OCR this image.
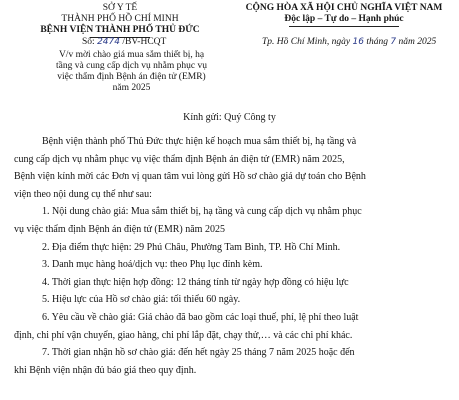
SỞ Y TẾ
THÀNH PHỐ HỒ CHÍ MINH
BỆNH VIỆN THÀNH PHỐ THỦ ĐỨC
Số: 2474 /BV-HCQT
V/v mời chào giá mua sắm thiết bị, hạ
tầng và cung cấp dịch vụ nhằm phục vụ
việc thẩm định Bệnh án điện tử (EMR)
năm 2025
CỘNG HÒA XÃ HỘI CHỦ NGHĨA VIỆT NAM
Độc lập – Tự do – Hạnh phúc
Tp. Hồ Chí Minh, ngày 16 tháng 7 năm 2025
Kính gửi: Quý Công ty

Bệnh viện thành phố Thủ Đức thực hiện kế hoạch mua sắm thiết bị, hạ tầng và

cung cấp dịch vụ nhằm phục vụ việc thẩm định Bệnh án điện tử (EMR) năm 2025,

Bệnh viện kính mời các Đơn vị quan tâm vui lòng gửi Hồ sơ chào giá dự toán cho Bệnh

viện theo nội dung cụ thể như sau:

1. Nội dung chào giá: Mua sắm thiết bị, hạ tầng và cung cấp dịch vụ nhằm phục

vụ việc thẩm định Bệnh án điện tử (EMR) năm 2025

2. Địa điểm thực hiện: 29 Phú Châu, Phường Tam Bình, TP. Hồ Chí Minh.

3. Danh mục hàng hoá/dịch vụ: theo Phụ lục đính kèm.

4. Thời gian thực hiện hợp đồng: 12 tháng tính từ ngày hợp đồng có hiệu lực

5. Hiệu lực của Hồ sơ chào giá: tối thiểu 60 ngày.

6. Yêu cầu về chào giá: Giá chào đã bao gồm các loại thuế, phí, lệ phí theo luật

định, chi phí vận chuyển, giao hàng, chi phí lắp đặt, chạy thử,… và các chi phí khác.

7. Thời gian nhận hồ sơ chào giá: đến hết ngày 25 tháng 7 năm 2025 hoặc đến

khi Bệnh viện nhận đủ báo giá theo quy định.
